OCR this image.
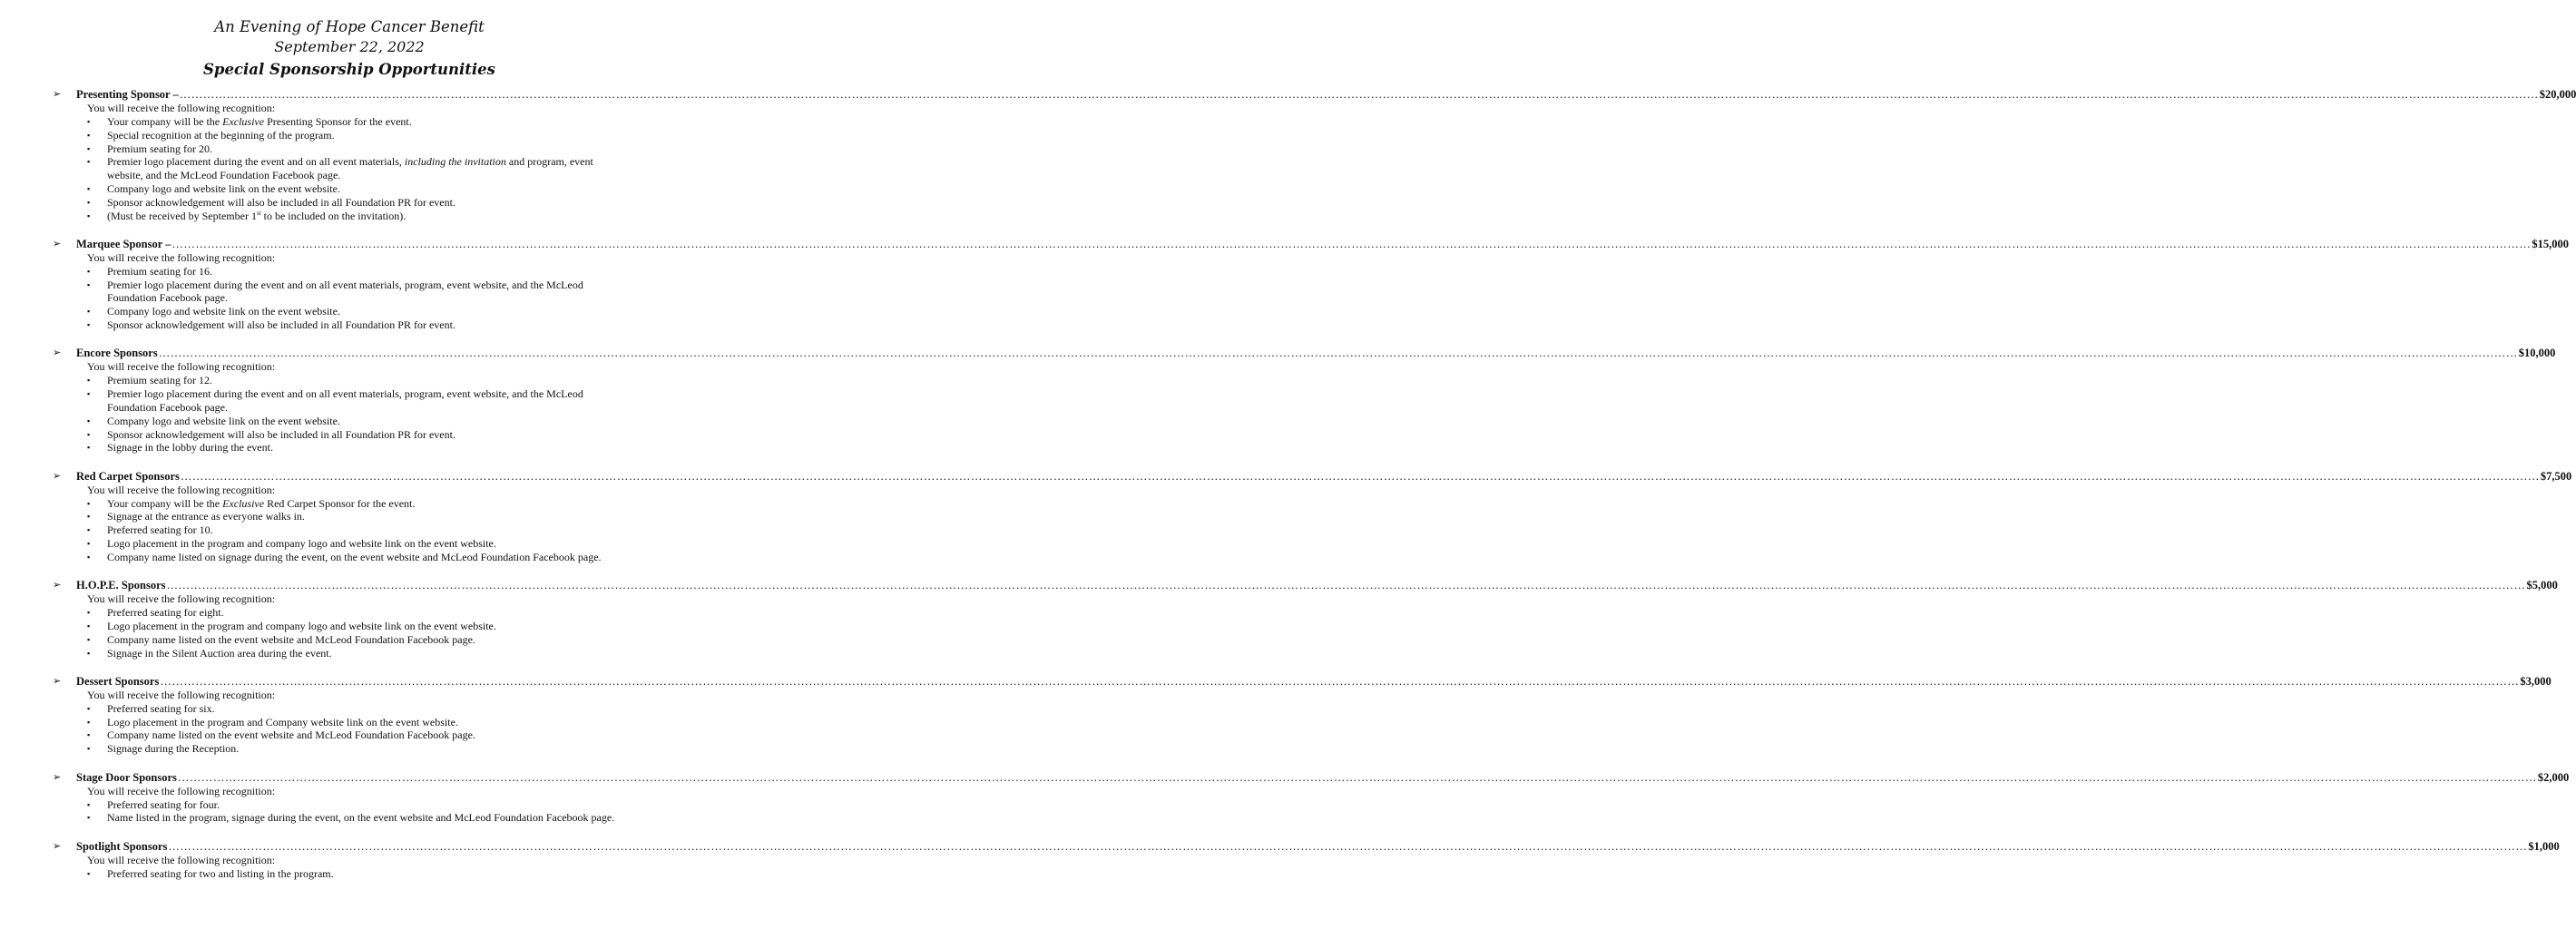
An Evening of Hope Cancer Benefit
September 22, 2022
Special Sponsorship Opportunities
➢	Presenting Sponsor – …………………………………………………………………………………………………………………………………………………………………………………………………………………………………………………………………………………………………………………………………………………………………………………………………………………………………………………………………………………………………………………………………………………… $20,000
You will receive the following recognition:
▪ Your company will be the Exclusive Presenting Sponsor for the event.
▪ Special recognition at the beginning of the program.
▪ Premium seating for 20.
▪ Premier logo placement during the event and on all event materials, including the invitation and program, event website, and the McLeod Foundation Facebook page.
▪ Company logo and website link on the event website.
▪ Sponsor acknowledgement will also be included in all Foundation PR for event.
▪ (Must be received by September 1st to be included on the invitation).
➢	Marquee Sponsor – …………………………………………………………………………………………………………………………………………………………………………………………………………………………………………………………………………………………………………………………………………………………………………………………………………………………………………………………………………………………………………………………………………………… $15,000
You will receive the following recognition:
▪ Premium seating for 16.
▪ Premier logo placement during the event and on all event materials, program, event website, and the McLeod Foundation Facebook page.
▪ Company logo and website link on the event website.
▪ Sponsor acknowledgement will also be included in all Foundation PR for event.
➢	Encore Sponsors …………………………………………………………………………………………………………………………………………………………………………………………………………………………………………………………………………………………………………………………………………………………………………………………………………………………………………………………………………………………………………………………………………………… $10,000
You will receive the following recognition:
▪ Premium seating for 12.
▪ Premier logo placement during the event and on all event materials, program, event website, and the McLeod Foundation Facebook page.
▪ Company logo and website link on the event website.
▪ Sponsor acknowledgement will also be included in all Foundation PR for event.
▪ Signage in the lobby during the event.
➢	Red Carpet Sponsors …………………………………………………………………………………………………………………………………………………………………………………………………………………………………………………………………………………………………………………………………………………………………………………………………………………………………………………………………………………………………………………………………………………… $7,500
You will receive the following recognition:
▪ Your company will be the Exclusive Red Carpet Sponsor for the event.
▪ Signage at the entrance as everyone walks in.
▪ Preferred seating for 10.
▪ Logo placement in the program and company logo and website link on the event website.
▪ Company name listed on signage during the event, on the event website and McLeod Foundation Facebook page.
➢	H.O.P.E. Sponsors …………………………………………………………………………………………………………………………………………………………………………………………………………………………………………………………………………………………………………………………………………………………………………………………………………………………………………………………………………………………………………………………………………………… $5,000
You will receive the following recognition:
▪ Preferred seating for eight.
▪ Logo placement in the program and company logo and website link on the event website.
▪ Company name listed on the event website and McLeod Foundation Facebook page.
▪ Signage in the Silent Auction area during the event.
➢	Dessert Sponsors …………………………………………………………………………………………………………………………………………………………………………………………………………………………………………………………………………………………………………………………………………………………………………………………………………………………………………………………………………………………………………………………………………………… $3,000
You will receive the following recognition:
▪ Preferred seating for six.
▪ Logo placement in the program and Company website link on the event website.
▪ Company name listed on the event website and McLeod Foundation Facebook page.
▪ Signage during the Reception.
➢	Stage Door Sponsors …………………………………………………………………………………………………………………………………………………………………………………………………………………………………………………………………………………………………………………………………………………………………………………………………………………………………………………………………………………………………………………………………………………… $2,000
You will receive the following recognition:
▪ Preferred seating for four.
▪ Name listed in the program, signage during the event, on the event website and McLeod Foundation Facebook page.
➢	Spotlight Sponsors …………………………………………………………………………………………………………………………………………………………………………………………………………………………………………………………………………………………………………………………………………………………………………………………………………………………………………………………………………………………………………………………………………………… $1,000
You will receive the following recognition:
▪ Preferred seating for two and listing in the program.
